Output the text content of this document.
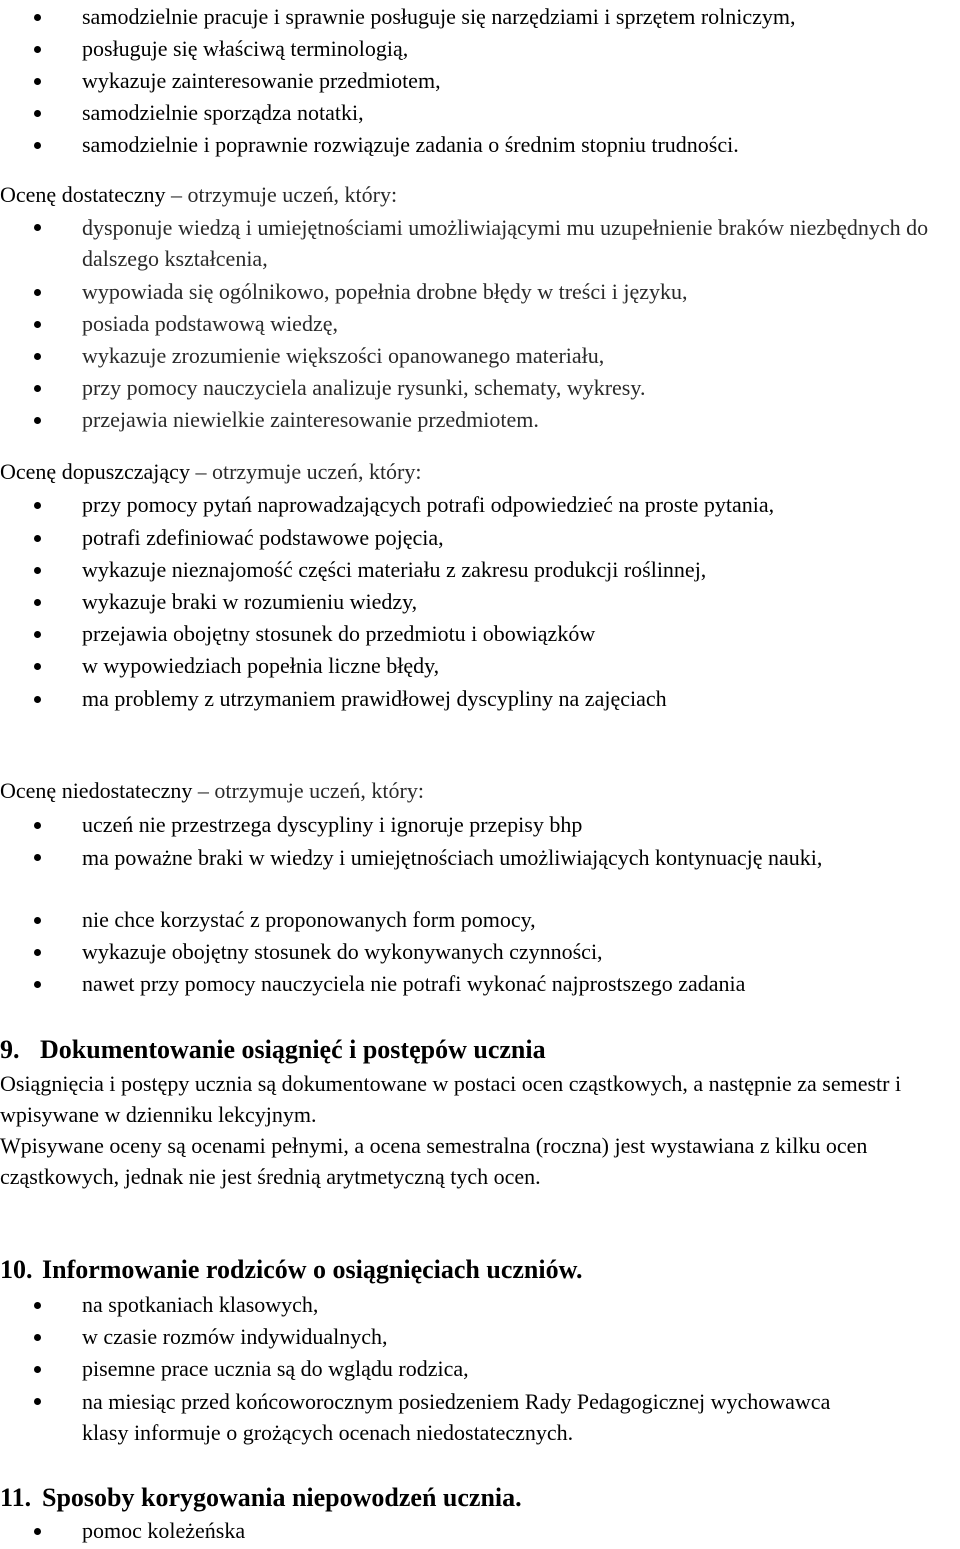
samodzielnie pracuje i sprawnie posługuje się narzędziami i sprzętem rolniczym,
posługuje się właściwą terminologią,
wykazuje zainteresowanie przedmiotem,
samodzielnie sporządza notatki,
samodzielnie i poprawnie rozwiązuje zadania o średnim stopniu trudności.
Ocenę dostateczny – otrzymuje uczeń, który:
dysponuje wiedzą i umiejętnościami umożliwiającymi mu uzupełnienie braków niezbędnych do dalszego kształcenia,
wypowiada się ogólnikowo, popełnia drobne błędy w treści i języku,
posiada podstawową wiedzę,
wykazuje zrozumienie większości opanowanego materiału,
przy pomocy nauczyciela analizuje rysunki, schematy, wykresy.
przejawia niewielkie zainteresowanie przedmiotem.
Ocenę dopuszczający – otrzymuje uczeń, który:
przy pomocy pytań naprowadzających potrafi odpowiedzieć na proste pytania,
potrafi zdefiniować podstawowe pojęcia,
wykazuje nieznajomość części materiału z zakresu produkcji roślinnej,
wykazuje braki w rozumieniu wiedzy,
przejawia obojętny stosunek do przedmiotu i obowiązków
w wypowiedziach popełnia liczne błędy,
ma problemy z utrzymaniem prawidłowej dyscypliny na zajęciach
Ocenę niedostateczny – otrzymuje uczeń, który:
uczeń nie przestrzega dyscypliny i ignoruje przepisy bhp
ma poważne braki w wiedzy i umiejętnościach umożliwiających kontynuację nauki,
nie chce korzystać z proponowanych form pomocy,
wykazuje obojętny stosunek do wykonywanych czynności,
nawet przy pomocy nauczyciela nie potrafi wykonać najprostszego zadania
9. Dokumentowanie osiągnięć i postępów ucznia
Osiągnięcia i postępy ucznia są dokumentowane w postaci ocen cząstkowych, a następnie za semestr i wpisywane w dzienniku lekcyjnym.
Wpisywane oceny są ocenami pełnymi, a ocena semestralna (roczna) jest wystawiana z kilku ocen cząstkowych, jednak nie jest średnią arytmetyczną tych ocen.
10. Informowanie rodziców o osiągnięciach uczniów.
na spotkaniach klasowych,
w czasie rozmów indywidualnych,
pisemne prace ucznia są do wglądu rodzica,
na miesiąc przed końcoworocznym posiedzeniem Rady Pedagogicznej wychowawca klasy informuje o grożących ocenach niedostatecznych.
11. Sposoby korygowania niepowodzeń ucznia.
pomoc koleżeńska
